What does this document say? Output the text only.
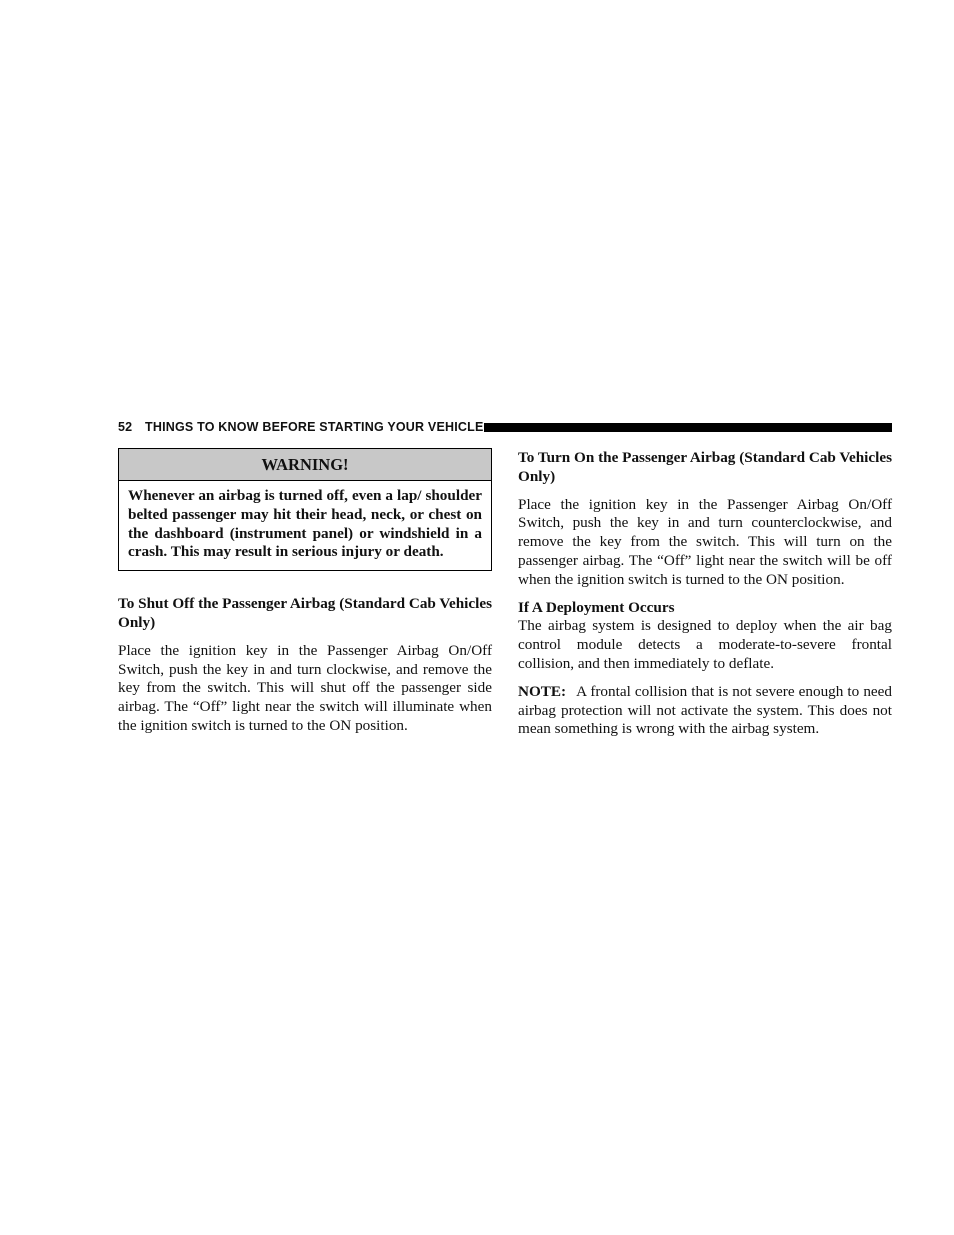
52 THINGS TO KNOW BEFORE STARTING YOUR VEHICLE
WARNING!
Whenever an airbag is turned off, even a lap/ shoulder belted passenger may hit their head, neck, or chest on the dashboard (instrument panel) or windshield in a crash. This may result in serious injury or death.

To Shut Off the Passenger Airbag (Standard Cab Vehicles Only)

Place the ignition key in the Passenger Airbag On/Off Switch, push the key in and turn clockwise, and remove the key from the switch. This will shut off the passenger side airbag. The “Off” light near the switch will illuminate when the ignition switch is turned to the ON position.

To Turn On the Passenger Airbag (Standard Cab Vehicles Only)

Place the ignition key in the Passenger Airbag On/Off Switch, push the key in and turn counterclockwise, and remove the key from the switch. This will turn on the passenger airbag. The “Off” light near the switch will be off when the ignition switch is turned to the ON position.

If A Deployment Occurs

The airbag system is designed to deploy when the air bag control module detects a moderate-to-severe frontal collision, and then immediately to deflate.

NOTE: A frontal collision that is not severe enough to need airbag protection will not activate the system. This does not mean something is wrong with the airbag system.
